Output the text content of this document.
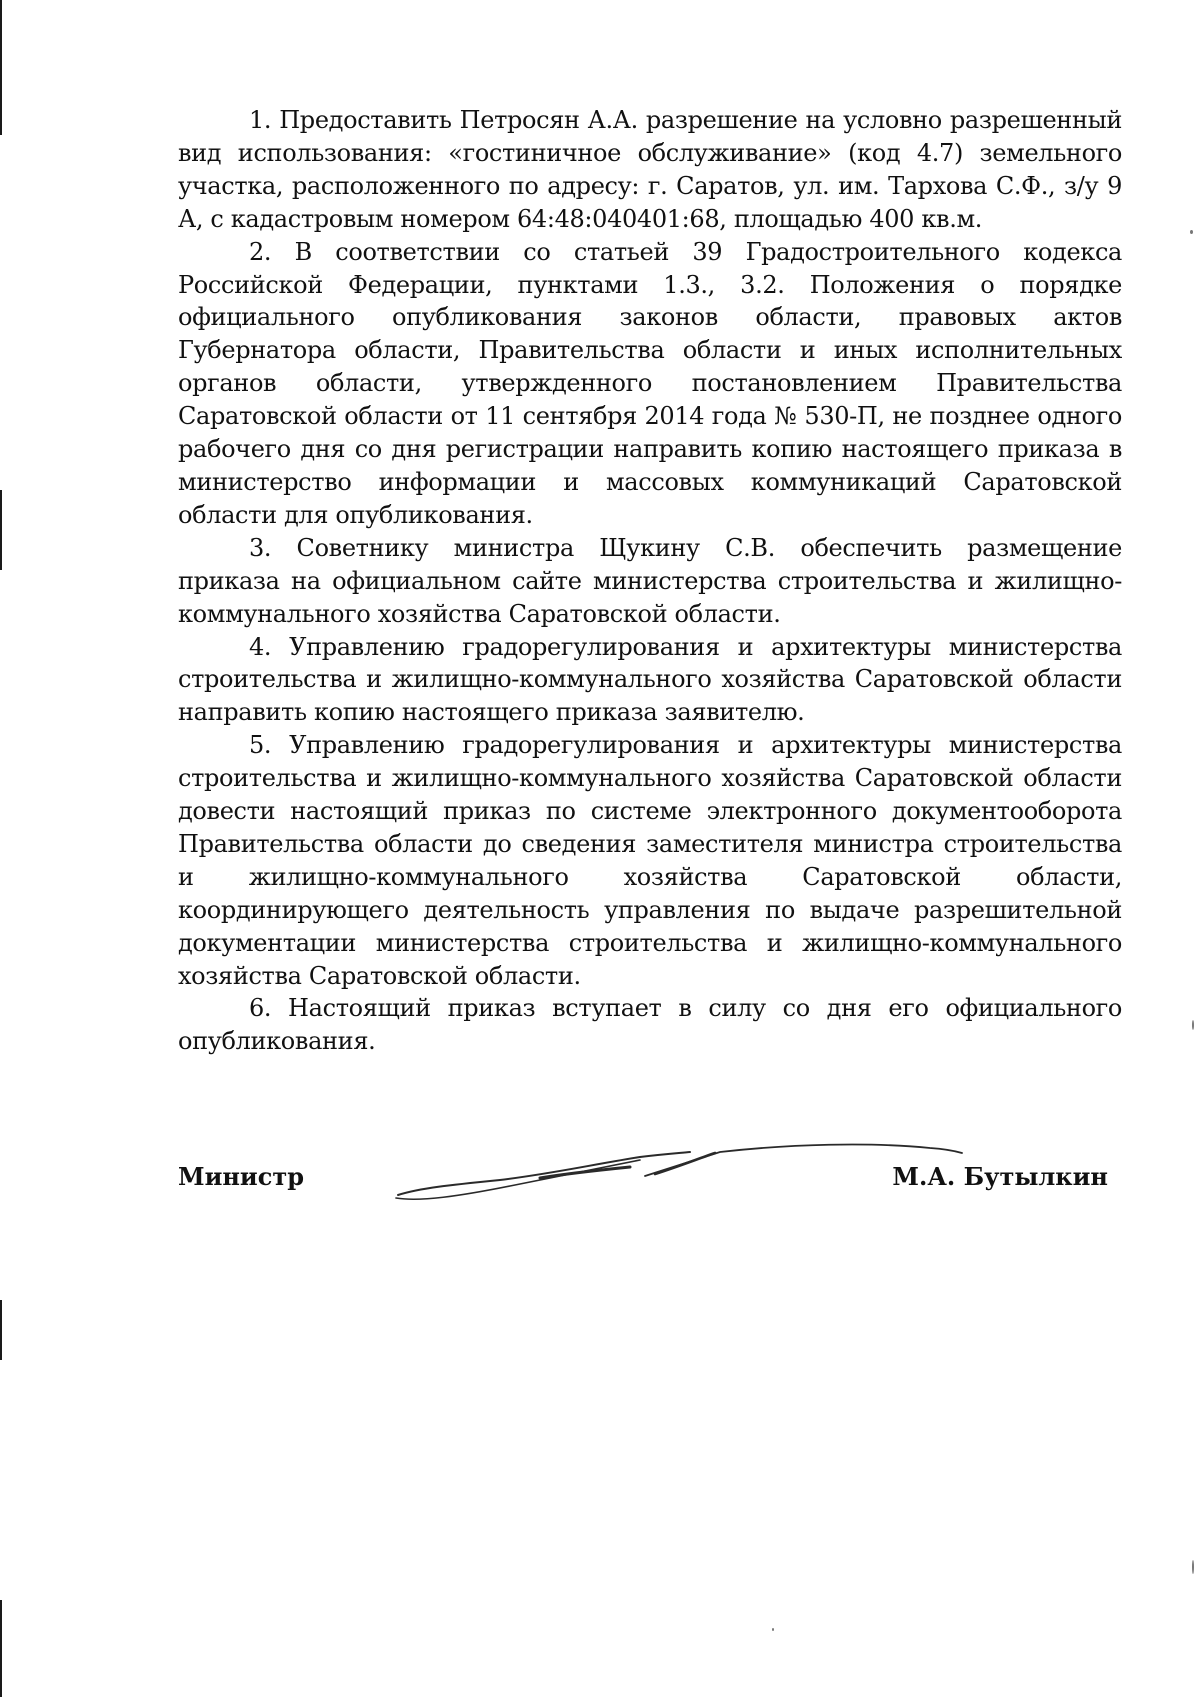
1. Предоставить Петросян А.А. разрешение на условно разрешенный вид использования: «гостиничное обслуживание» (код 4.7) земельного участка, расположенного по адресу: г. Саратов, ул. им. Тархова С.Ф., з/у 9 А, с кадастровым номером 64:48:040401:68, площадью 400 кв.м.

2. В соответствии со статьей 39 Градостроительного кодекса Российской Федерации, пунктами 1.3., 3.2. Положения о порядке официального опубликования законов области, правовых актов Губернатора области, Правительства области и иных исполнительных органов области, утвержденного постановлением Правительства Саратовской области от 11 сентября 2014 года № 530-П, не позднее одного рабочего дня со дня регистрации направить копию настоящего приказа в министерство информации и массовых коммуникаций Саратовской области для опубликования.

3. Советнику министра Щукину С.В. обеспечить размещение приказа на официальном сайте министерства строительства и жилищно-коммунального хозяйства Саратовской области.

4. Управлению градорегулирования и архитектуры министерства строительства и жилищно-коммунального хозяйства Саратовской области направить копию настоящего приказа заявителю.

5. Управлению градорегулирования и архитектуры министерства строительства и жилищно-коммунального хозяйства Саратовской области довести настоящий приказ по системе электронного документооборота Правительства области до сведения заместителя министра строительства и жилищно-коммунального хозяйства Саратовской области, координирующего деятельность управления по выдаче разрешительной документации министерства строительства и жилищно-коммунального хозяйства Саратовской области.

6. Настоящий приказ вступает в силу со дня его официального опубликования.

Министр	М.А. Бутылкин
